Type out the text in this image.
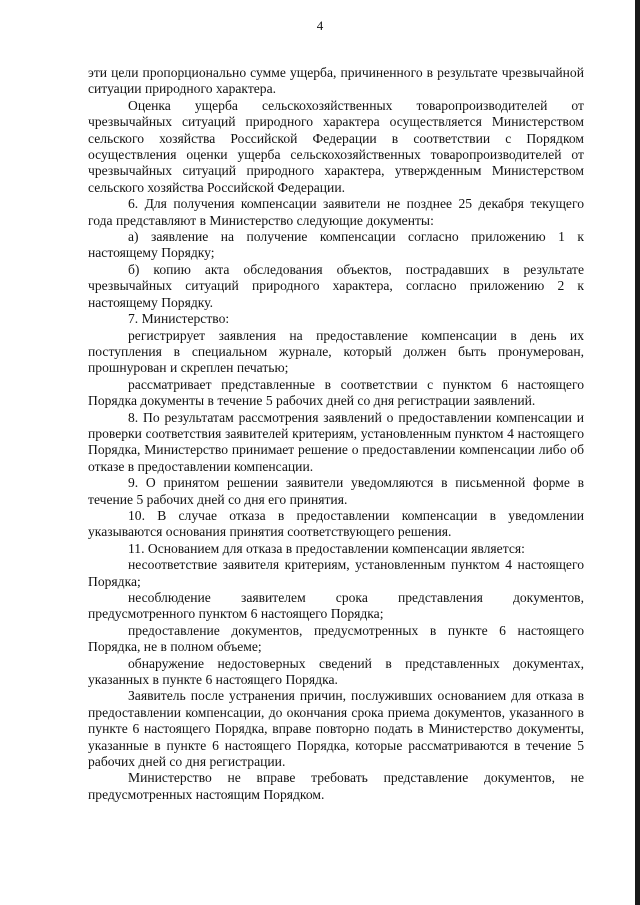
4

эти цели пропорционально сумме ущерба, причиненного в результате чрезвычайной ситуации природного характера.

Оценка ущерба сельскохозяйственных товаропроизводителей от чрезвычайных ситуаций природного характера осуществляется Министерством сельского хозяйства Российской Федерации в соответствии с Порядком осуществления оценки ущерба сельскохозяйственных товаропроизводителей от чрезвычайных ситуаций природного характера, утвержденным Министерством сельского хозяйства Российской Федерации.

6. Для получения компенсации заявители не позднее 25 декабря текущего года представляют в Министерство следующие документы:

а) заявление на получение компенсации согласно приложению 1 к настоящему Порядку;

б) копию акта обследования объектов, пострадавших в результате чрезвычайных ситуаций природного характера, согласно приложению 2 к настоящему Порядку.

7. Министерство:

регистрирует заявления на предоставление компенсации в день их поступления в специальном журнале, который должен быть пронумерован, прошнурован и скреплен печатью;

рассматривает представленные в соответствии с пунктом 6 настоящего Порядка документы в течение 5 рабочих дней со дня регистрации заявлений.

8. По результатам рассмотрения заявлений о предоставлении компенсации и проверки соответствия заявителей критериям, установленным пунктом 4 настоящего Порядка, Министерство принимает решение о предоставлении компенсации либо об отказе в предоставлении компенсации.

9. О принятом решении заявители уведомляются в письменной форме в течение 5 рабочих дней со дня его принятия.

10. В случае отказа в предоставлении компенсации в уведомлении указываются основания принятия соответствующего решения.

11. Основанием для отказа в предоставлении компенсации является:

несоответствие заявителя критериям, установленным пунктом 4 настоящего Порядка;

несоблюдение заявителем срока представления документов, предусмотренного пунктом 6 настоящего Порядка;

предоставление документов, предусмотренных в пункте 6 настоящего Порядка, не в полном объеме;

обнаружение недостоверных сведений в представленных документах, указанных в пункте 6 настоящего Порядка.

Заявитель после устранения причин, послуживших основанием для отказа в предоставлении компенсации, до окончания срока приема документов, указанного в пункте 6 настоящего Порядка, вправе повторно подать в Министерство документы, указанные в пункте 6 настоящего Порядка, которые рассматриваются в течение 5 рабочих дней со дня регистрации.

Министерство не вправе требовать представление документов, не предусмотренных настоящим Порядком.
